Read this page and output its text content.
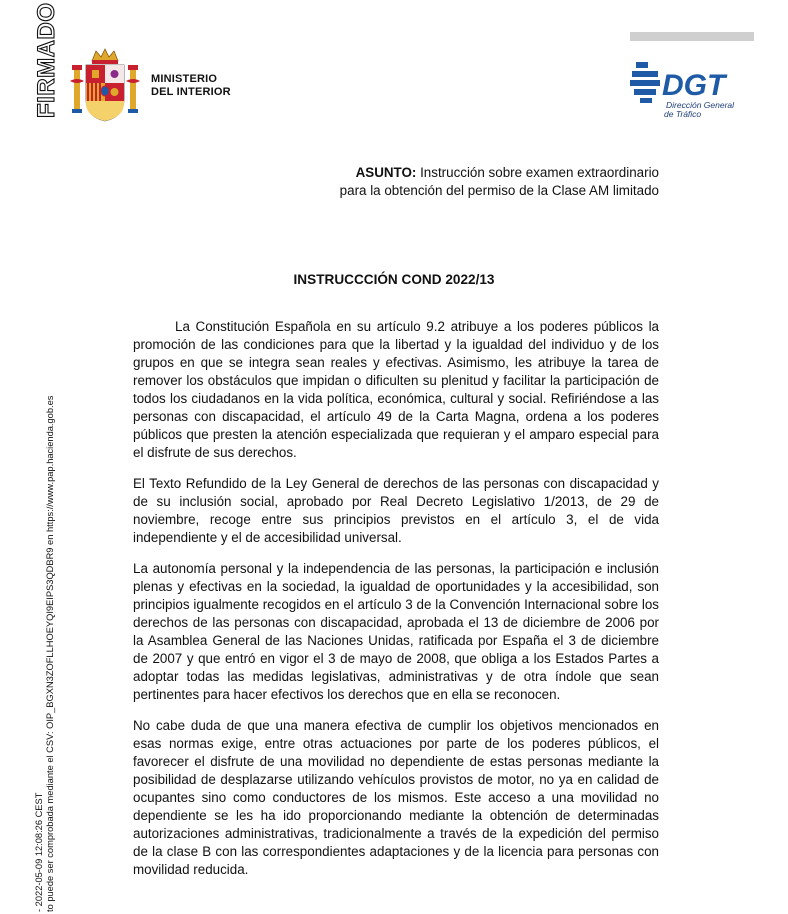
FIRMADO
to puede ser comprobada mediante el CSV: OIP_BGXN3ZOFLLHOEYQI9EIPS3QDBR9 en https://www.pap.hacienda.gob.es
- 2022-05-09 12:08:26 CEST
MINISTERIO
DEL INTERIOR	DGT
Dirección General
de Tráfico
ASUNTO: Instrucción sobre examen extraordinario para la obtención del permiso de la Clase AM limitado
INSTRUCCCIÓN COND 2022/13

La Constitución Española en su artículo 9.2 atribuye a los poderes públicos la promoción de las condiciones para que la libertad y la igualdad del individuo y de los grupos en que se integra sean reales y efectivas. Asimismo, les atribuye la tarea de remover los obstáculos que impidan o dificulten su plenitud y facilitar la participación de todos los ciudadanos en la vida política, económica, cultural y social. Refiriéndose a las personas con discapacidad, el artículo 49 de la Carta Magna, ordena a los poderes públicos que presten la atención especializada que requieran y el amparo especial para el disfrute de sus derechos.

El Texto Refundido de la Ley General de derechos de las personas con discapacidad y de su inclusión social, aprobado por Real Decreto Legislativo 1/2013, de 29 de noviembre, recoge entre sus principios previstos en el artículo 3, el de vida independiente y el de accesibilidad universal.

La autonomía personal y la independencia de las personas, la participación e inclusión plenas y efectivas en la sociedad, la igualdad de oportunidades y la accesibilidad, son principios igualmente recogidos en el artículo 3 de la Convención Internacional sobre los derechos de las personas con discapacidad, aprobada el 13 de diciembre de 2006 por la Asamblea General de las Naciones Unidas, ratificada por España el 3 de diciembre de 2007 y que entró en vigor el 3 de mayo de 2008, que obliga a los Estados Partes a adoptar todas las medidas legislativas, administrativas y de otra índole que sean pertinentes para hacer efectivos los derechos que en ella se reconocen.

No cabe duda de que una manera efectiva de cumplir los objetivos mencionados en esas normas exige, entre otras actuaciones por parte de los poderes públicos, el favorecer el disfrute de una movilidad no dependiente de estas personas mediante la posibilidad de desplazarse utilizando vehículos provistos de motor, no ya en calidad de ocupantes sino como conductores de los mismos. Este acceso a una movilidad no dependiente se les ha ido proporcionando mediante la obtención de determinadas autorizaciones administrativas, tradicionalmente a través de la expedición del permiso de la clase B con las correspondientes adaptaciones y de la licencia para personas con movilidad reducida.
